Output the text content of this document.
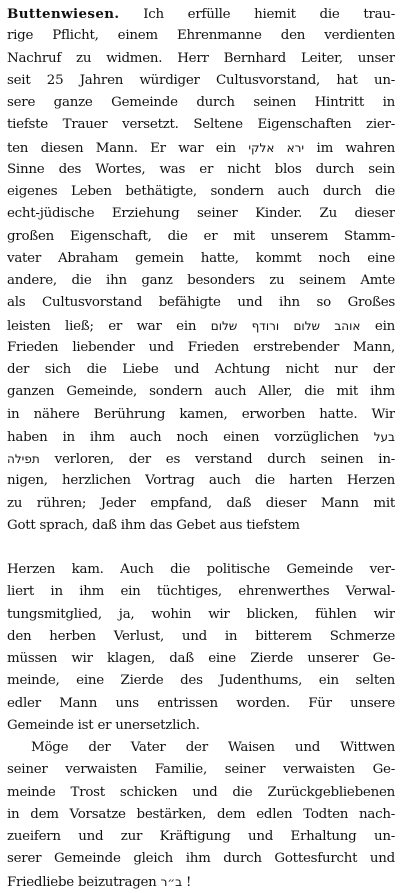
Buttenwiesen. Ich erfülle hiemit die trau-
rige Pflicht, einem Ehrenmanne den verdienten
Nachruf zu widmen. Herr Bernhard Leiter, unser
seit 25 Jahren würdiger Cultusvorstand, hat un-
sere ganze Gemeinde durch seinen Hintritt in
tiefste Trauer versetzt. Seltene Eigenschaften zier-
ten diesen Mann. Er war ein ירא אלקי im wahren
Sinne des Wortes, was er nicht blos durch sein
eigenes Leben bethätigte, sondern auch durch die
echt-jüdische Erziehung seiner Kinder. Zu dieser
großen Eigenschaft, die er mit unserem Stamm-
vater Abraham gemein hatte, kommt noch eine
andere, die ihn ganz besonders zu seinem Amte
als Cultusvorstand befähigte und ihn so Großes
leisten ließ; er war ein אוהב שלום ורודף שלום ein
Frieden liebender und Frieden erstrebender Mann,
der sich die Liebe und Achtung nicht nur der
ganzen Gemeinde, sondern auch Aller, die mit ihm
in nähere Berührung kamen, erworben hatte. Wir
haben in ihm auch noch einen vorzüglichen בעל
תפילה verloren, der es verstand durch seinen in-
nigen, herzlichen Vortrag auch die harten Herzen
zu rühren; Jeder empfand, daß dieser Mann mit
Gott sprach, daß ihm das Gebet aus tiefstem
Herzen kam. Auch die politische Gemeinde ver-
liert in ihm ein tüchtiges, ehrenwerthes Verwal-
tungsmitglied, ja, wohin wir blicken, fühlen wir
den herben Verlust, und in bitterem Schmerze
müssen wir klagen, daß eine Zierde unserer Ge-
meinde, eine Zierde des Judenthums, ein selten
edler Mann uns entrissen worden. Für unsere
Gemeinde ist er unersetzlich.
Möge der Vater der Waisen und Wittwen
seiner verwaisten Familie, seiner verwaisten Ge-
meinde Trost schicken und die Zurückgebliebenen
in dem Vorsatze bestärken, dem edlen Todten nach-
zueifern und zur Kräftigung und Erhaltung un-
serer Gemeinde gleich ihm durch Gottesfurcht und
Friedliebe beizutragen ב״ר !
